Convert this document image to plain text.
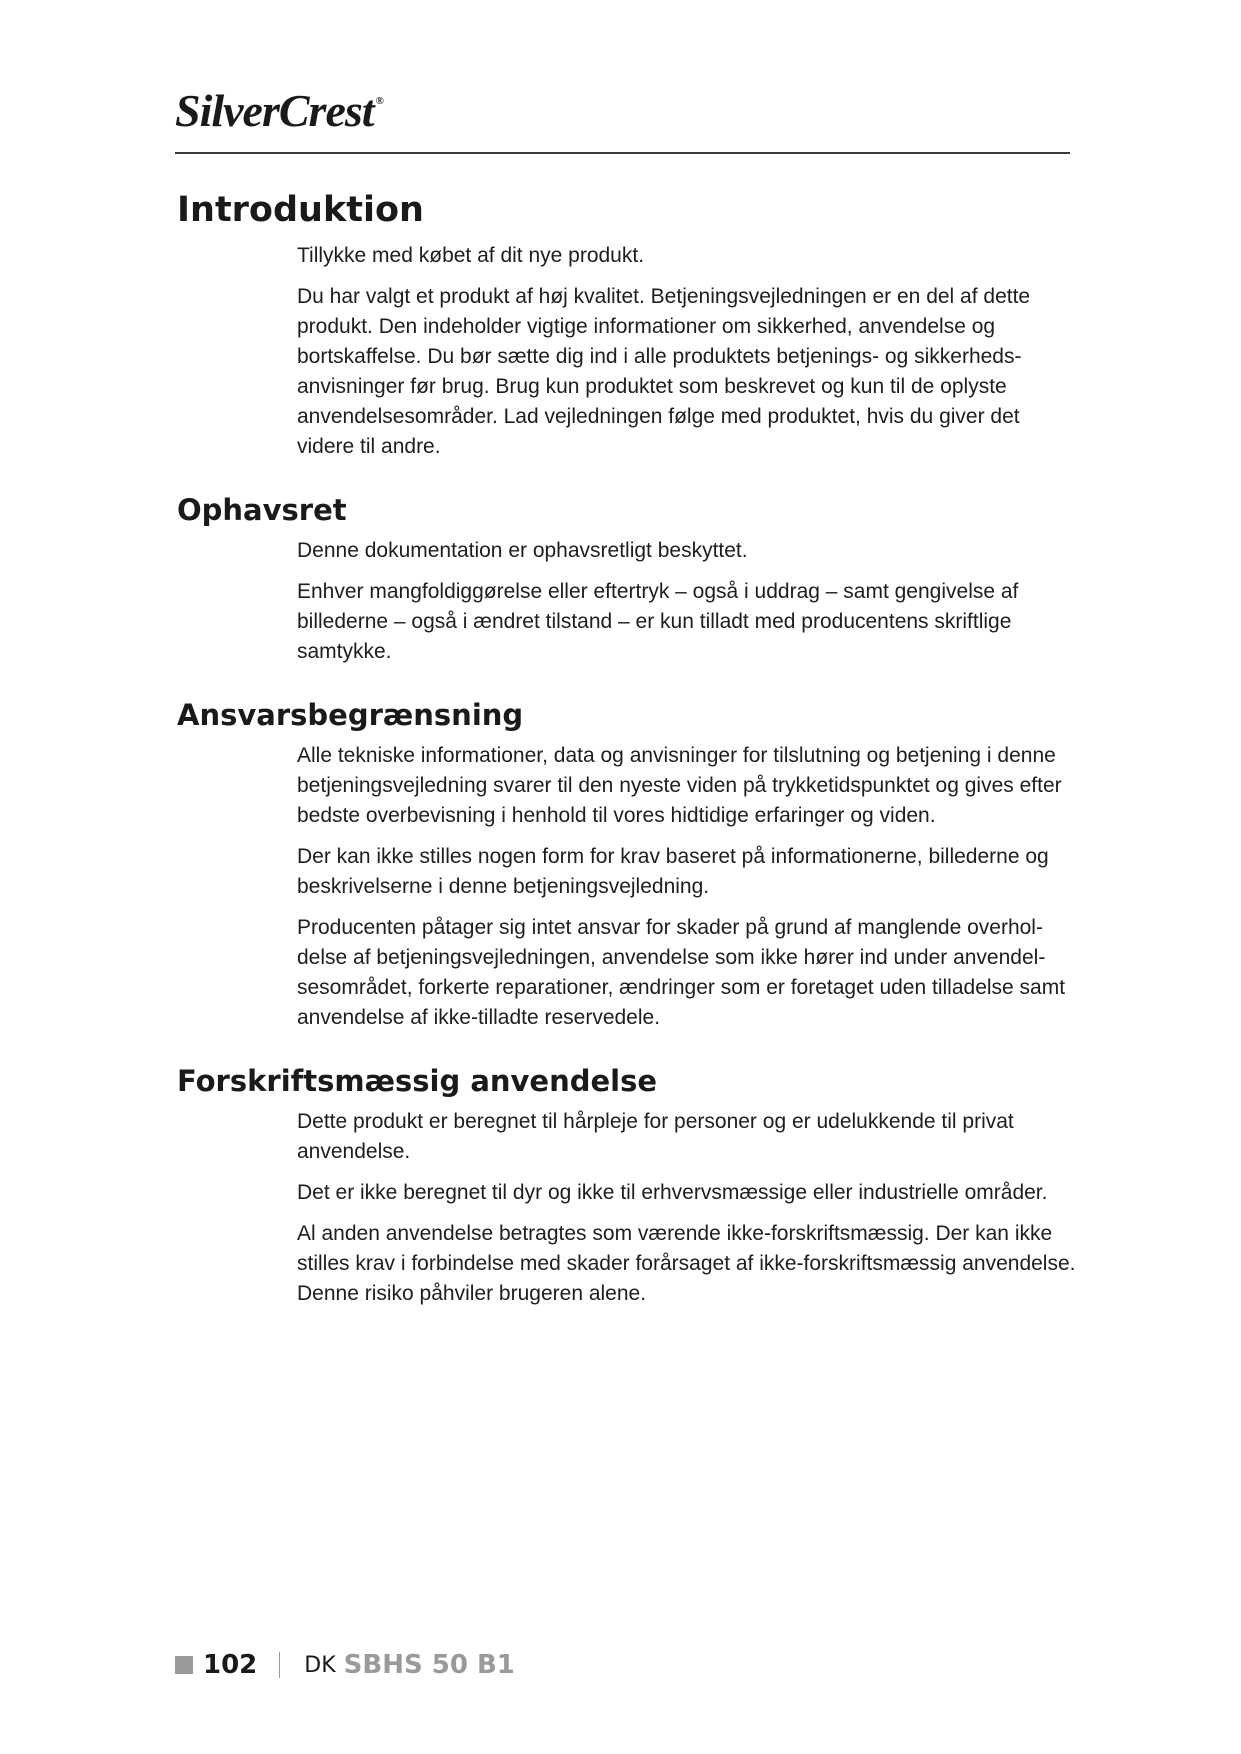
SilverCrest ®
Introduktion

Tillykke med købet af dit nye produkt.

Du har valgt et produkt af høj kvalitet. Betjeningsvejledningen er en del af dette produkt. Den indeholder vigtige informationer om sikkerhed, anvendelse og bortskaffelse. Du bør sætte dig ind i alle produktets betjenings- og sikkerhedsanvisninger før brug. Brug kun produktet som beskrevet og kun til de oplyste anvendelsesområder. Lad vejledningen følge med produktet, hvis du giver det videre til andre.

Ophavsret

Denne dokumentation er ophavsretligt beskyttet.

Enhver mangfoldiggørelse eller eftertryk – også i uddrag – samt gengivelse af billederne – også i ændret tilstand – er kun tilladt med producentens skriftlige samtykke.

Ansvarsbegrænsning

Alle tekniske informationer, data og anvisninger for tilslutning og betjening i denne betjeningsvejledning svarer til den nyeste viden på trykketidspunktet og gives efter bedste overbevisning i henhold til vores hidtidige erfaringer og viden.

Der kan ikke stilles nogen form for krav baseret på informationerne, billederne og beskrivelserne i denne betjeningsvejledning.

Producenten påtager sig intet ansvar for skader på grund af manglende overholdelse af betjeningsvejledningen, anvendelse som ikke hører ind under anvendelsesområdet, forkerte reparationer, ændringer som er foretaget uden tilladelse samt anvendelse af ikke-tilladte reservedele.

Forskriftsmæssig anvendelse

Dette produkt er beregnet til hårpleje for personer og er udelukkende til privat anvendelse.

Det er ikke beregnet til dyr og ikke til erhvervsmæssige eller industrielle områder.

Al anden anvendelse betragtes som værende ikke-forskriftsmæssig. Der kan ikke stilles krav i forbindelse med skader forårsaget af ikke-forskriftsmæssig anvendelse. Denne risiko påhviler brugeren alene.

102 DK SBHS 50 B1
